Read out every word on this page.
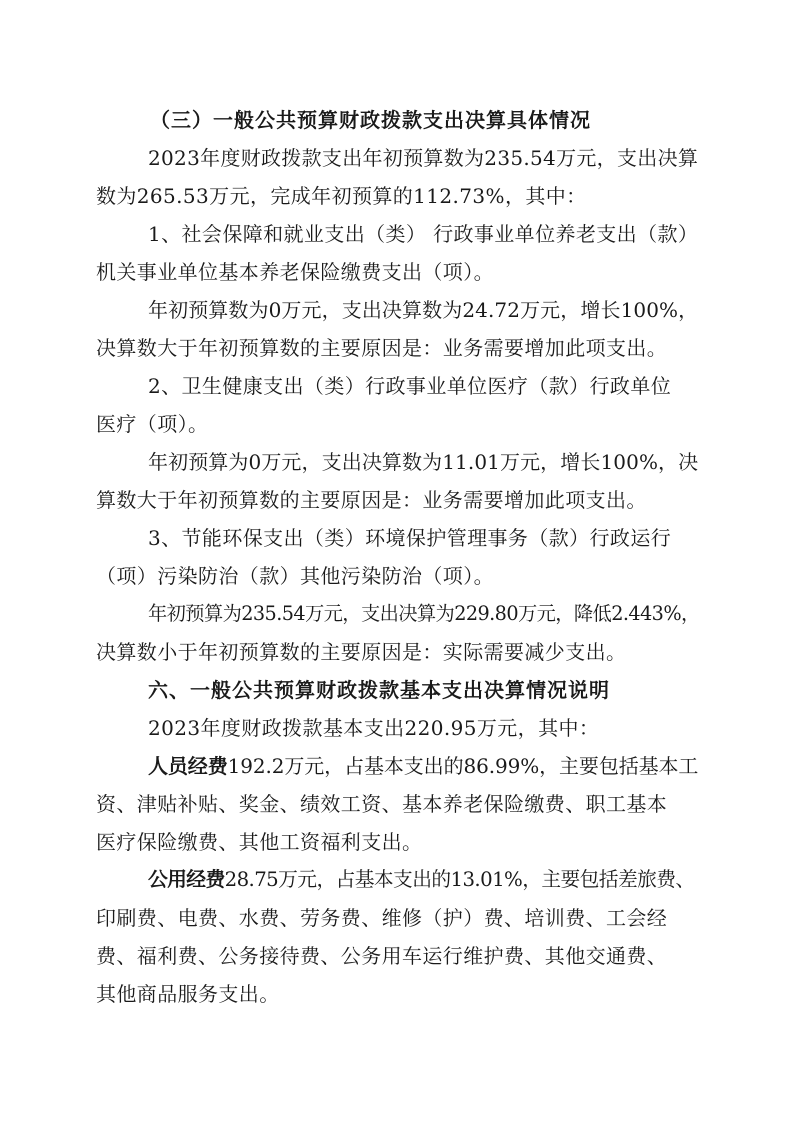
（三）一般公共预算财政拨款支出决算具体情况
2023年度财政拨款支出年初预算数为235.54万元，支出决算
数为265.53万元，完成年初预算的112.73%，其中：
1、社会保障和就业支出（类） 行政事业单位养老支出（款）
机关事业单位基本养老保险缴费支出（项）。
年初预算数为0万元，支出决算数为24.72万元，增长100%，
决算数大于年初预算数的主要原因是：业务需要增加此项支出。
2、卫生健康支出（类）行政事业单位医疗（款）行政单位
医疗（项）。
年初预算为0万元，支出决算数为11.01万元，增长100%，决
算数大于年初预算数的主要原因是：业务需要增加此项支出。
3、节能环保支出（类）环境保护管理事务（款）行政运行
（项）污染防治（款）其他污染防治（项）。
年初预算为235.54万元，支出决算为229.80万元，降低2.443%，
决算数小于年初预算数的主要原因是：实际需要减少支出。
六、一般公共预算财政拨款基本支出决算情况说明
2023年度财政拨款基本支出220.95万元，其中：
人员经费192.2万元，占基本支出的86.99%，主要包括基本工
资、津贴补贴、奖金、绩效工资、基本养老保险缴费、职工基本
医疗保险缴费、其他工资福利支出。
公用经费28.75万元，占基本支出的13.01%，主要包括差旅费、
印刷费、电费、水费、劳务费、维修（护）费、培训费、工会经
费、福利费、公务接待费、公务用车运行维护费、其他交通费、
其他商品服务支出。
